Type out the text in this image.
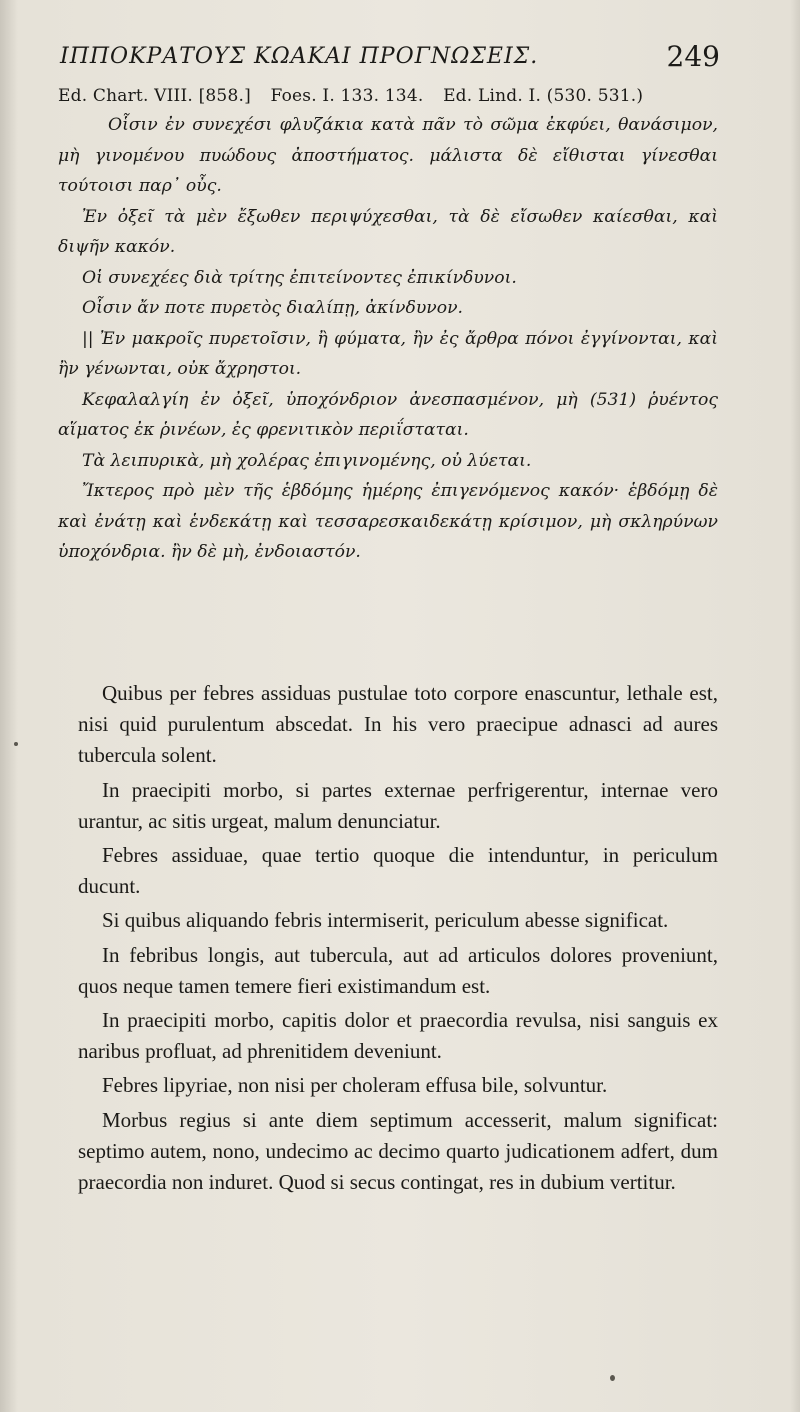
ΙΠΠΟΚΡΑΤΟΥΣ ΚΩΑΚΑΙ ΠΡΟΓΝΩΣΕΙΣ.	249
Ed. Chart. VIII. [858.] Foes. I. 133. 134. Ed. Lind. I. (530. 531.)

Οἷσιν ἐν συνεχέσι φλυζάκια κατὰ πᾶν τὸ σῶμα ἐκφύει, θανάσιμον, μὴ γινομένου πυώδους ἀποστήματος. μάλιστα δὲ εἴθισται γίνεσθαι τούτοισι παρ᾽ οὖς.

Ἐν ὀξεῖ τὰ μὲν ἔξωθεν περιψύχεσθαι, τὰ δὲ εἴσωθεν καίεσθαι, καὶ διψῆν κακόν.

Οἱ συνεχέες διὰ τρίτης ἐπιτείνοντες ἐπικίνδυνοι.

Οἷσιν ἄν ποτε πυρετὸς διαλίπῃ, ἀκίνδυνον.

|| Ἐν μακροῖς πυρετοῖσιν, ἢ φύματα, ἢν ἐς ἄρθρα πόνοι ἐγγίνονται, καὶ ἢν γένωνται, οὐκ ἄχρηστοι.

Κεφαλαλγίη ἐν ὀξεῖ, ὑποχόνδριον ἀνεσπασμένον, μὴ (531) ῥυέντος αἵματος ἐκ ῥινέων, ἐς φρενιτικὸν περιΐσταται.

Τὰ λειπυρικὰ, μὴ χολέρας ἐπιγινομένης, οὐ λύεται.

Ἴκτερος πρὸ μὲν τῆς ἑβδόμης ἡμέρης ἐπιγενόμενος κακόν· ἑβδόμῃ δὲ καὶ ἐνάτῃ καὶ ἑνδεκάτῃ καὶ τεσσαρεσκαιδεκάτῃ κρίσιμον, μὴ σκληρύνων ὑποχόνδρια. ἢν δὲ μὴ, ἐνδοιαστόν.

Quibus per febres assiduas pustulae toto corpore enascuntur, lethale est, nisi quid purulentum abscedat. In his vero praecipue adnasci ad aures tubercula solent.

In praecipiti morbo, si partes externae perfrigerentur, internae vero urantur, ac sitis urgeat, malum denunciatur.

Febres assiduae, quae tertio quoque die intenduntur, in periculum ducunt.

Si quibus aliquando febris intermiserit, periculum abesse significat.

In febribus longis, aut tubercula, aut ad articulos dolores proveniunt, quos neque tamen temere fieri existimandum est.

In praecipiti morbo, capitis dolor et praecordia revulsa, nisi sanguis ex naribus profluat, ad phrenitidem deveniunt.

Febres lipyriae, non nisi per choleram effusa bile, solvuntur.

Morbus regius si ante diem septimum accesserit, malum significat: septimo autem, nono, undecimo ac decimo quarto judicationem adfert, dum praecordia non induret. Quod si secus contingat, res in dubium vertitur.
